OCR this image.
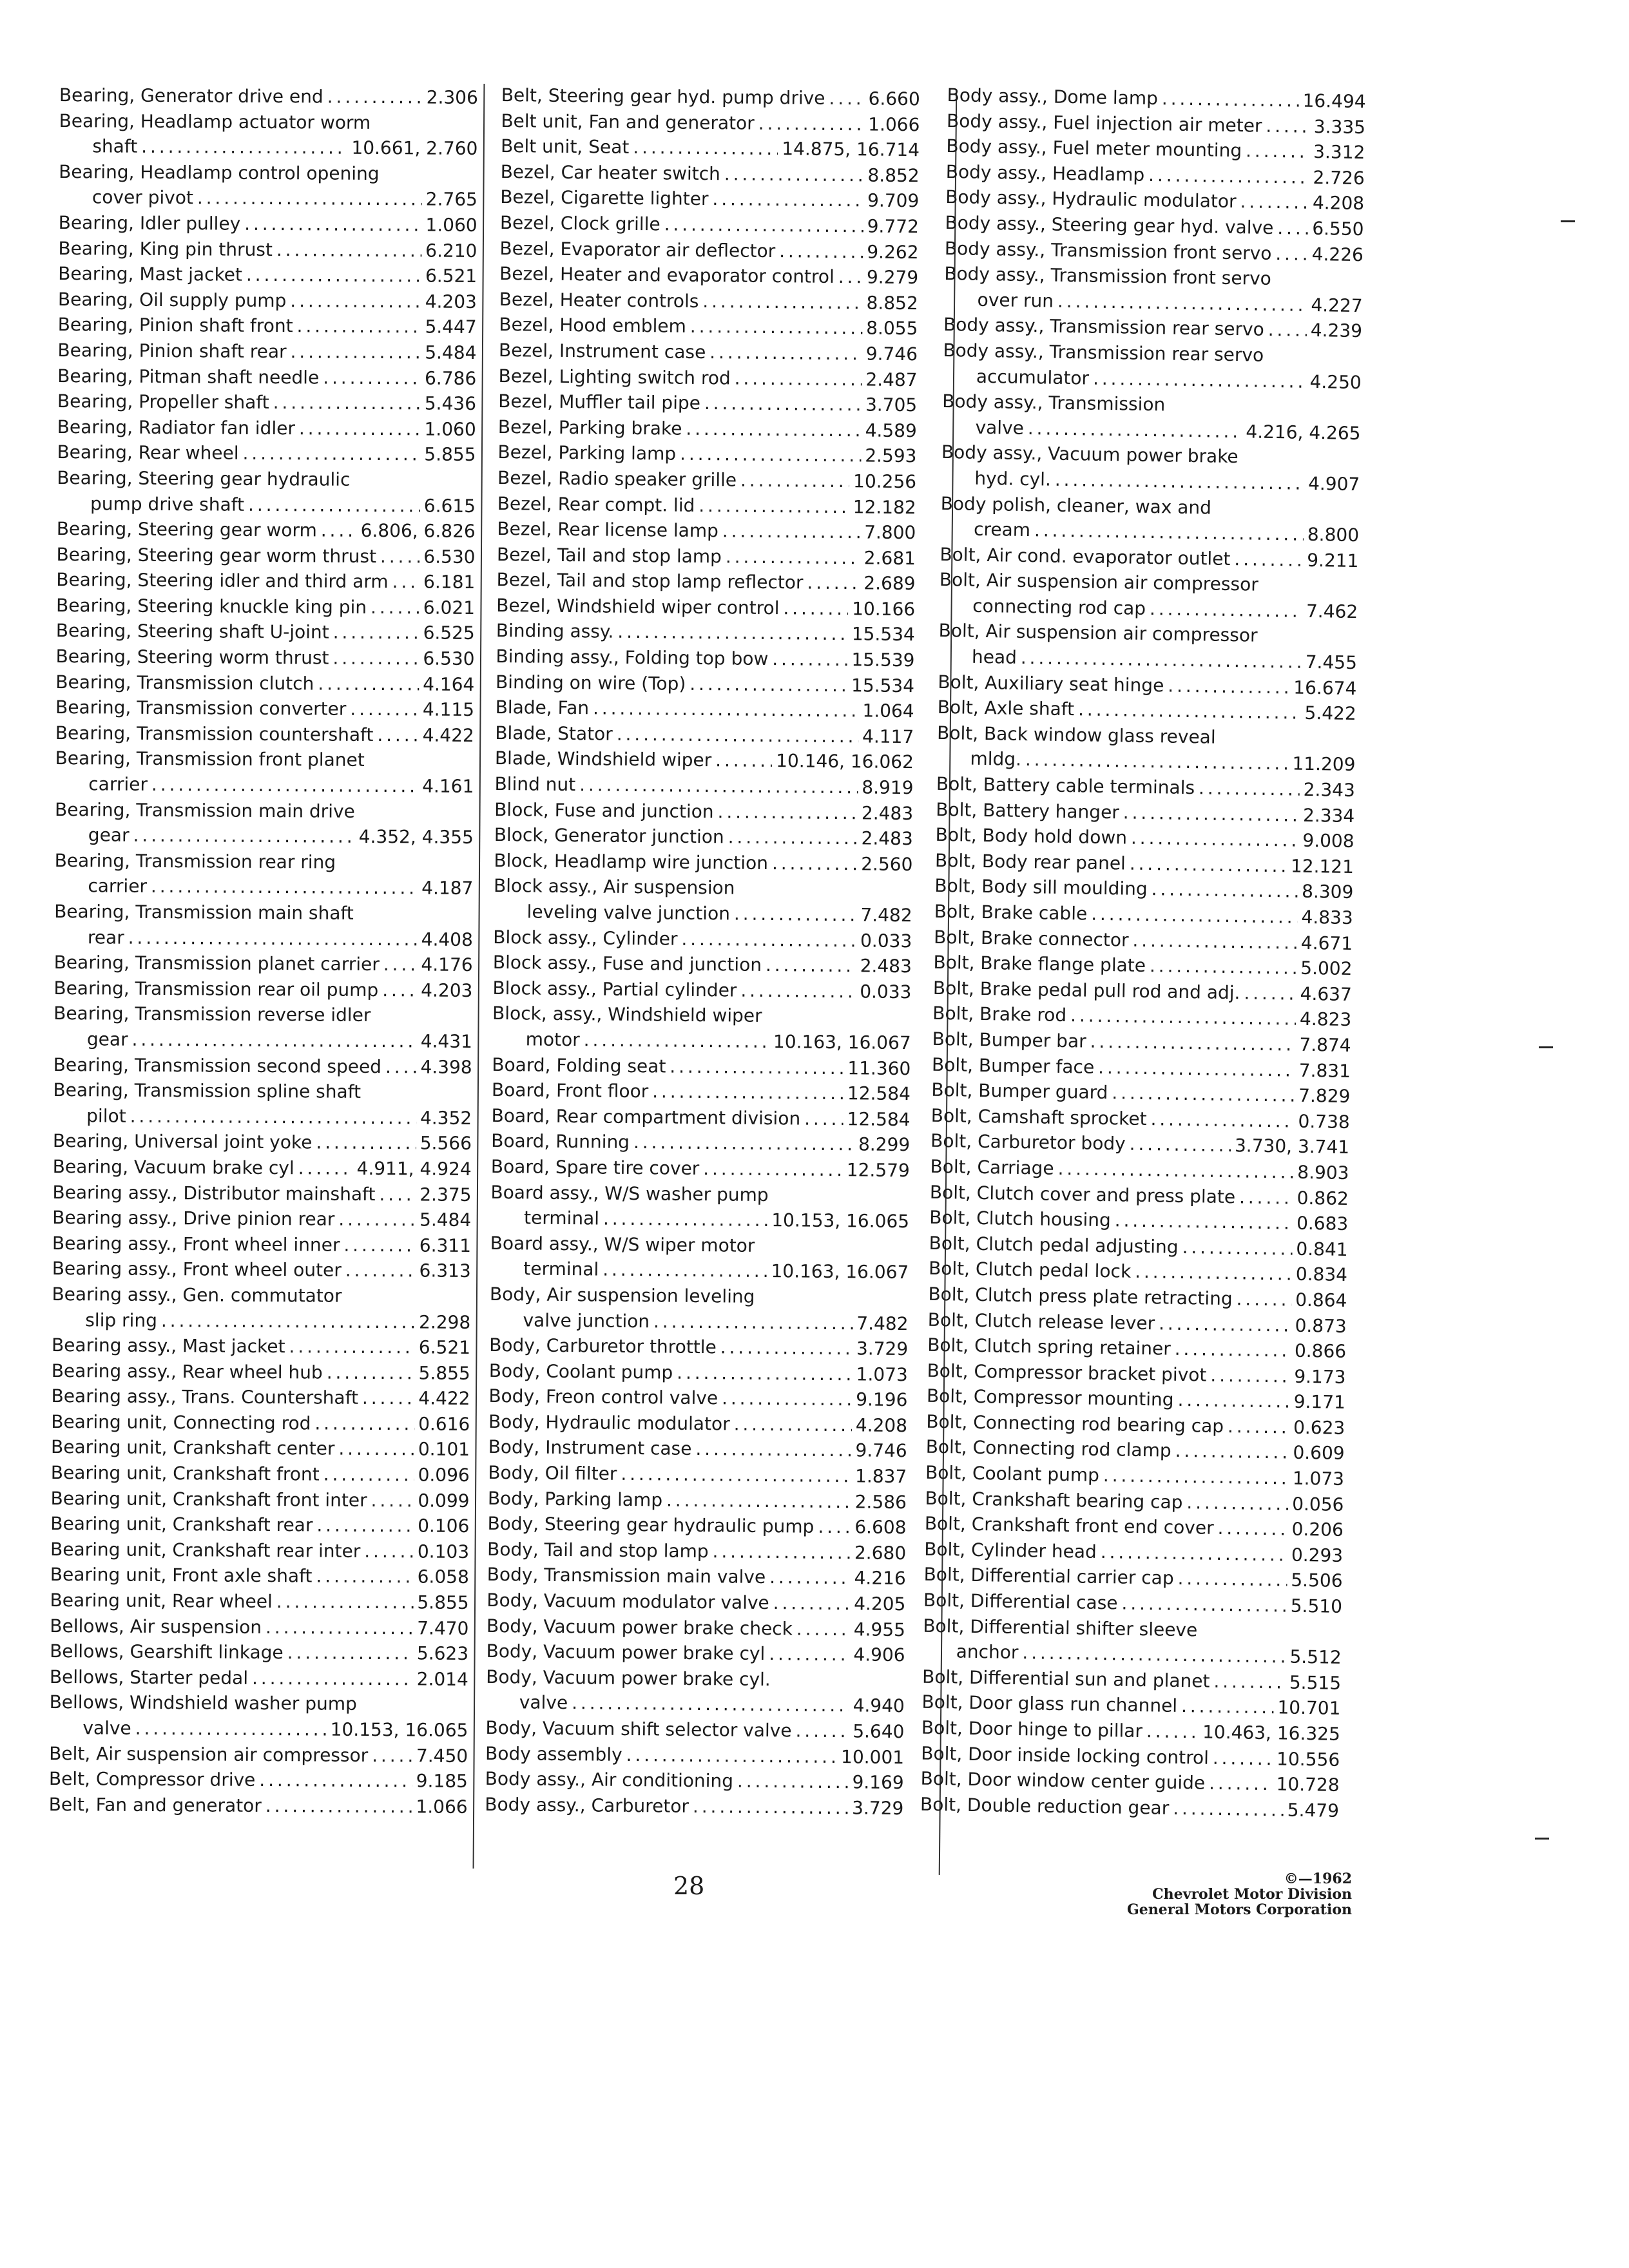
Bearing, Generator drive end . . .	2.306
Bearing, Headlamp actuator worm
shaft . . .	10.661, 2.760
Bearing, Headlamp control opening
cover pivot . . .	2.765
Bearing, Idler pulley . . .	1.060
Bearing, King pin thrust . . .	6.210
Bearing, Mast jacket . . .	6.521
Bearing, Oil supply pump . . .	4.203
Bearing, Pinion shaft front . . .	5.447
Bearing, Pinion shaft rear . . .	5.484
Bearing, Pitman shaft needle . . .	6.786
Bearing, Propeller shaft . . .	5.436
Bearing, Radiator fan idler . . .	1.060
Bearing, Rear wheel . . .	5.855
Bearing, Steering gear hydraulic
pump drive shaft . . .	6.615
Bearing, Steering gear worm . . . 6.806, 6.826
Bearing, Steering gear worm thrust . . .	6.530
Bearing, Steering idler and third arm . . . 6.181
Bearing, Steering knuckle king pin . . .	6.021
Bearing, Steering shaft U-joint . . .	6.525
Bearing, Steering worm thrust . . .	6.530
Bearing, Transmission clutch . . .	4.164
Bearing, Transmission converter . . .	4.115
Bearing, Transmission countershaft . . .	4.422
Bearing, Transmission front planet
carrier . . .	4.161
Bearing, Transmission main drive
gear . . .	4.352, 4.355
Bearing, Transmission rear ring
carrier . . .	4.187
Bearing, Transmission main shaft
rear . . .	4.408
Bearing, Transmission planet carrier . . . 4.176
Bearing, Transmission rear oil pump . . . 4.203
Bearing, Transmission reverse idler
gear . . .	4.431
Bearing, Transmission second speed . . . 4.398
Bearing, Transmission spline shaft
pilot . . .	4.352
Bearing, Universal joint yoke . . .	5.566
Bearing, Vacuum brake cyl . . .	4.911, 4.924
Bearing assy., Distributor mainshaft . . . 2.375
Bearing assy., Drive pinion rear . . .	5.484
Bearing assy., Front wheel inner . . .	6.311
Bearing assy., Front wheel outer . . .	6.313
Bearing assy., Gen. commutator
slip ring . . .	2.298
Bearing assy., Mast jacket . . .	6.521
Bearing assy., Rear wheel hub . . .	5.855
Bearing assy., Trans. Countershaft . . .	4.422
Bearing unit, Connecting rod . . .	0.616
Bearing unit, Crankshaft center . . .	0.101
Bearing unit, Crankshaft front . . .	0.096
Bearing unit, Crankshaft front inter . . .	0.099
Bearing unit, Crankshaft rear . . .	0.106
Bearing unit, Crankshaft rear inter . . .	0.103
Bearing unit, Front axle shaft . . .	6.058
Bearing unit, Rear wheel . . .	5.855
Bellows, Air suspension . . .	7.470
Bellows, Gearshift linkage . . .	5.623
Bellows, Starter pedal . . .	2.014
Bellows, Windshield washer pump
valve . . .	10.153, 16.065
Belt, Air suspension air compressor . . .	7.450
Belt, Compressor drive . . .	9.185
Belt, Fan and generator . . .	1.066
Belt, Steering gear hyd. pump drive . . . 6.660
Belt unit, Fan and generator . . .	1.066
Belt unit, Seat . . .	14.875, 16.714
Bezel, Car heater switch . . .	8.852
Bezel, Cigarette lighter . . .	9.709
Bezel, Clock grille . . .	9.772
Bezel, Evaporator air deflector . . .	9.262
Bezel, Heater and evaporator control . . . 9.279
Bezel, Heater controls . . .	8.852
Bezel, Hood emblem . . .	8.055
Bezel, Instrument case . . .	9.746
Bezel, Lighting switch rod . . .	2.487
Bezel, Muffler tail pipe . . .	3.705
Bezel, Parking brake . . .	4.589
Bezel, Parking lamp . . .	2.593
Bezel, Radio speaker grille . . .	10.256
Bezel, Rear compt. lid . . .	12.182
Bezel, Rear license lamp . . .	7.800
Bezel, Tail and stop lamp . . .	2.681
Bezel, Tail and stop lamp reflector . . .	2.689
Bezel, Windshield wiper control . . .	10.166
Binding assy. . . .	15.534
Binding assy., Folding top bow . . .	15.539
Binding on wire (Top) . . .	15.534
Blade, Fan . . .	1.064
Blade, Stator . . .	4.117
Blade, Windshield wiper . . .	10.146, 16.062
Blind nut . . .	8.919
Block, Fuse and junction . . .	2.483
Block, Generator junction . . .	2.483
Block, Headlamp wire junction . . .	2.560
Block assy., Air suspension
leveling valve junction . . .	7.482
Block assy., Cylinder . . .	0.033
Block assy., Fuse and junction . . .	2.483
Block assy., Partial cylinder . . .	0.033
Block, assy., Windshield wiper
motor . . .	10.163, 16.067
Board, Folding seat . . .	11.360
Board, Front floor . . .	12.584
Board, Rear compartment division . . .	12.584
Board, Running . . .	8.299
Board, Spare tire cover . . .	12.579
Board assy., W/S washer pump
terminal . . .	10.153, 16.065
Board assy., W/S wiper motor
terminal . . .	10.163, 16.067
Body, Air suspension leveling
valve junction . . .	7.482
Body, Carburetor throttle . . .	3.729
Body, Coolant pump . . .	1.073
Body, Freon control valve . . .	9.196
Body, Hydraulic modulator . . .	4.208
Body, Instrument case . . .	9.746
Body, Oil filter . . .	1.837
Body, Parking lamp . . .	2.586
Body, Steering gear hydraulic pump . . . 6.608
Body, Tail and stop lamp . . .	2.680
Body, Transmission main valve . . .	4.216
Body, Vacuum modulator valve . . .	4.205
Body, Vacuum power brake check . . .	4.955
Body, Vacuum power brake cyl . . .	4.906
Body, Vacuum power brake cyl.
valve . . .	4.940
Body, Vacuum shift selector valve . . .	5.640
Body assembly . . .	10.001
Body assy., Air conditioning . . .	9.169
Body assy., Carburetor . . .	3.729
Body assy., Dome lamp . . .	16.494
Body assy., Fuel injection air meter . . .	3.335
Body assy., Fuel meter mounting . . .	3.312
Body assy., Headlamp . . .	2.726
Body assy., Hydraulic modulator . . .	4.208
Body assy., Steering gear hyd. valve . . . 6.550
Body assy., Transmission front servo . . . 4.226
Body assy., Transmission front servo
over run . . .	4.227
Body assy., Transmission rear servo . . .	4.239
Body assy., Transmission rear servo
accumulator . . .	4.250
Body assy., Transmission
valve . . .	4.216, 4.265
Body assy., Vacuum power brake
hyd. cyl. . . .	4.907
Body polish, cleaner, wax and
cream . . .	8.800
Bolt, Air cond. evaporator outlet . . .	9.211
Bolt, Air suspension air compressor
connecting rod cap . . .	7.462
Bolt, Air suspension air compressor
head . . .	7.455
Bolt, Auxiliary seat hinge . . .	16.674
Bolt, Axle shaft . . .	5.422
Bolt, Back window glass reveal
mldg. . . .	11.209
Bolt, Battery cable terminals . . .	2.343
Bolt, Battery hanger . . .	2.334
Bolt, Body hold down . . .	9.008
Bolt, Body rear panel . . .	12.121
Bolt, Body sill moulding . . .	8.309
Bolt, Brake cable . . .	4.833
Bolt, Brake connector . . .	4.671
Bolt, Brake flange plate . . .	5.002
Bolt, Brake pedal pull rod and adj. . . .	4.637
Bolt, Brake rod . . .	4.823
Bolt, Bumper bar . . .	7.874
Bolt, Bumper face . . .	7.831
Bolt, Bumper guard . . .	7.829
Bolt, Camshaft sprocket . . .	0.738
Bolt, Carburetor body . . .	3.730, 3.741
Bolt, Carriage . . .	8.903
Bolt, Clutch cover and press plate . . .	0.862
Bolt, Clutch housing . . .	0.683
Bolt, Clutch pedal adjusting . . .	0.841
Bolt, Clutch pedal lock . . .	0.834
Bolt, Clutch press plate retracting . . .	0.864
Bolt, Clutch release lever . . .	0.873
Bolt, Clutch spring retainer . . .	0.866
Bolt, Compressor bracket pivot . . .	9.173
Bolt, Compressor mounting . . .	9.171
Bolt, Connecting rod bearing cap . . .	0.623
Bolt, Connecting rod clamp . . .	0.609
Bolt, Coolant pump . . .	1.073
Bolt, Crankshaft bearing cap . . .	0.056
Bolt, Crankshaft front end cover . . .	0.206
Bolt, Cylinder head . . .	0.293
Bolt, Differential carrier cap . . .	5.506
Bolt, Differential case . . .	5.510
Bolt, Differential shifter sleeve
anchor . . .	5.512
Bolt, Differential sun and planet . . .	5.515
Bolt, Door glass run channel . . .	10.701
Bolt, Door hinge to pillar . . .	10.463, 16.325
Bolt, Door inside locking control . . .	10.556
Bolt, Door window center guide . . .	10.728
Bolt, Double reduction gear . . .	5.479
28	©—1962
Chevrolet Motor Division
General Motors Corporation
